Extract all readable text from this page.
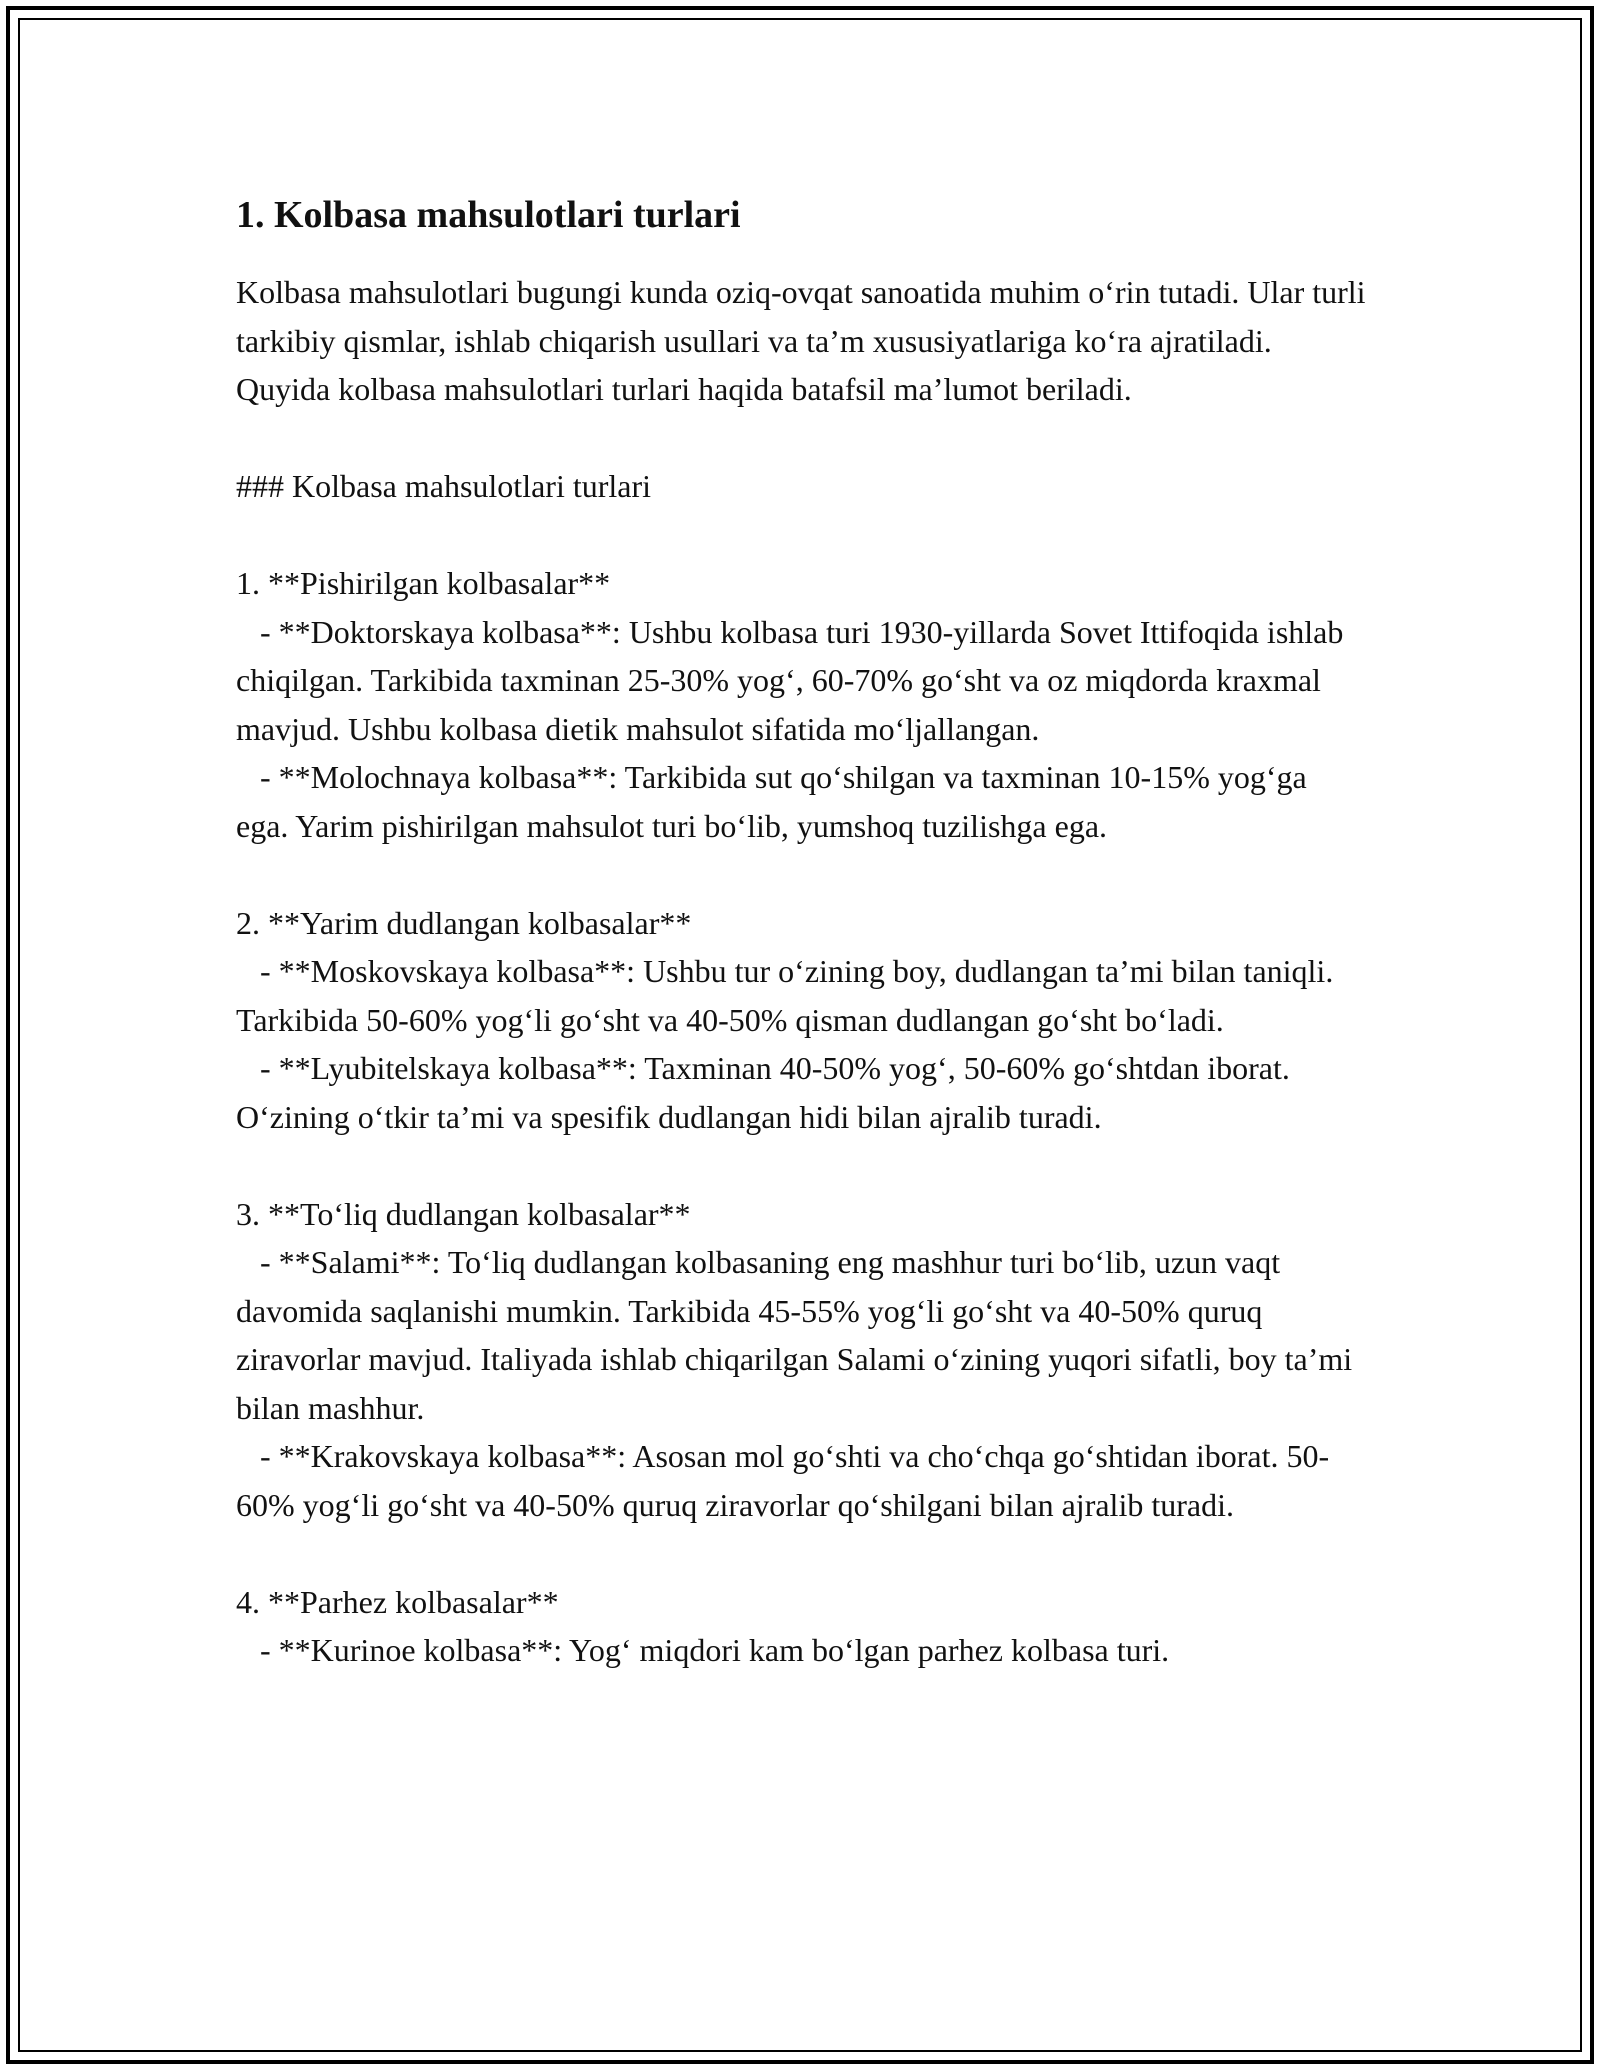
1. Kolbasa mahsulotlari turlari
Kolbasa mahsulotlari bugungi kunda oziq-ovqat sanoatida muhim o‘rin tutadi. Ular turli tarkibiy qismlar, ishlab chiqarish usullari va ta’m xususiyatlariga ko‘ra ajratiladi. Quyida kolbasa mahsulotlari turlari haqida batafsil ma’lumot beriladi.

### Kolbasa mahsulotlari turlari

1. **Pishirilgan kolbasalar**
- **Doktorskaya kolbasa**: Ushbu kolbasa turi 1930-yillarda Sovet Ittifoqida ishlab chiqilgan. Tarkibida taxminan 25-30% yog‘, 60-70% go‘sht va oz miqdorda kraxmal mavjud. Ushbu kolbasa dietik mahsulot sifatida mo‘ljallangan.
- **Molochnaya kolbasa**: Tarkibida sut qo‘shilgan va taxminan 10-15% yog‘ga ega. Yarim pishirilgan mahsulot turi bo‘lib, yumshoq tuzilishga ega.

2. **Yarim dudlangan kolbasalar**
- **Moskovskaya kolbasa**: Ushbu tur o‘zining boy, dudlangan ta’mi bilan taniqli. Tarkibida 50-60% yog‘li go‘sht va 40-50% qisman dudlangan go‘sht bo‘ladi.
- **Lyubitelskaya kolbasa**: Taxminan 40-50% yog‘, 50-60% go‘shtdan iborat. O‘zining o‘tkir ta’mi va spesifik dudlangan hidi bilan ajralib turadi.

3. **To‘liq dudlangan kolbasalar**
- **Salami**: To‘liq dudlangan kolbasaning eng mashhur turi bo‘lib, uzun vaqt davomida saqlanishi mumkin. Tarkibida 45-55% yog‘li go‘sht va 40-50% quruq ziravorlar mavjud. Italiyada ishlab chiqarilgan Salami o‘zining yuqori sifatli, boy ta’mi bilan mashhur.
- **Krakovskaya kolbasa**: Asosan mol go‘shti va cho‘chqa go‘shtidan iborat. 50-60% yog‘li go‘sht va 40-50% quruq ziravorlar qo‘shilgani bilan ajralib turadi.

4. **Parhez kolbasalar**
- **Kurinoe kolbasa**: Yog‘ miqdori kam bo‘lgan parhez kolbasa turi.
